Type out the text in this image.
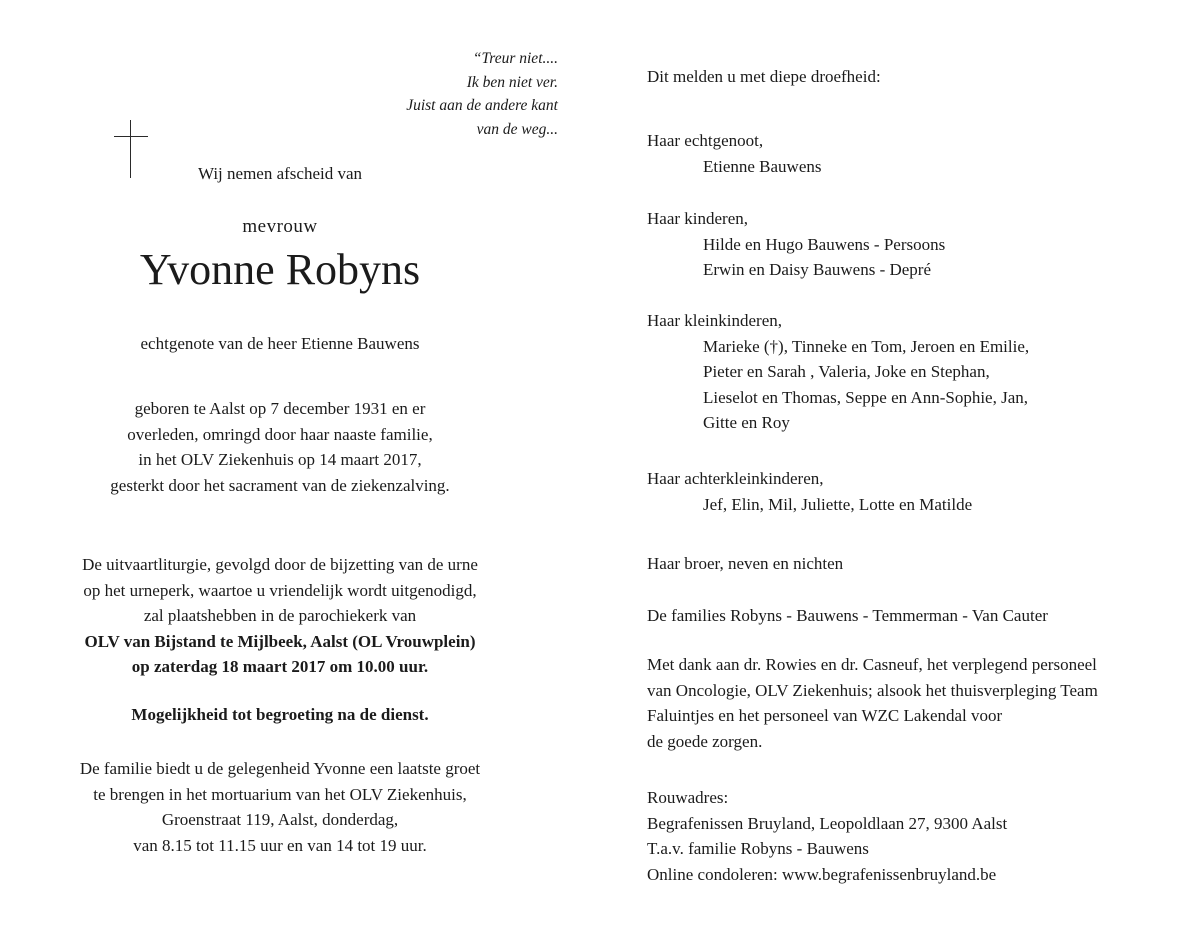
“Treur niet....
Ik ben niet ver.
Juist aan de andere kant
van de weg...
Wij nemen afscheid van
mevrouw
Yvonne Robyns
echtgenote van de heer Etienne Bauwens
geboren te Aalst op 7 december 1931 en er
overleden, omringd door haar naaste familie,
in het OLV Ziekenhuis op 14 maart 2017,
gesterkt door het sacrament van de ziekenzalving.
De uitvaartliturgie, gevolgd door de bijzetting van de urne
op het urneperk, waartoe u vriendelijk wordt uitgenodigd,
zal plaatshebben in de parochiekerk van
OLV van Bijstand te Mijlbeek, Aalst (OL Vrouwplein)
op zaterdag 18 maart 2017 om 10.00 uur.
Mogelijkheid tot begroeting na de dienst.
De familie biedt u de gelegenheid Yvonne een laatste groet
te brengen in het mortuarium van het OLV Ziekenhuis,
Groenstraat 119, Aalst, donderdag,
van 8.15 tot 11.15 uur en van 14 tot 19 uur.
Dit melden u met diepe droefheid:
Haar echtgenoot,
Etienne Bauwens
Haar kinderen,
Hilde en Hugo Bauwens - Persoons
Erwin en Daisy Bauwens - Depré
Haar kleinkinderen,
Marieke (†), Tinneke en Tom, Jeroen en Emilie,
Pieter en Sarah , Valeria, Joke en Stephan,
Lieselot en Thomas, Seppe en Ann-Sophie, Jan,
Gitte en Roy
Haar achterkleinkinderen,
Jef, Elin, Mil, Juliette, Lotte en Matilde
Haar broer, neven en nichten
De families Robyns - Bauwens - Temmerman - Van Cauter
Met dank aan dr. Rowies en dr. Casneuf, het verplegend personeel
van Oncologie, OLV Ziekenhuis; alsook het thuisverpleging Team
Faluintjes en het personeel van WZC Lakendal voor
de goede zorgen.
Rouwadres:
Begrafenissen Bruyland, Leopoldlaan 27, 9300 Aalst
T.a.v. familie Robyns - Bauwens
Online condoleren: www.begrafenissenbruyland.be
